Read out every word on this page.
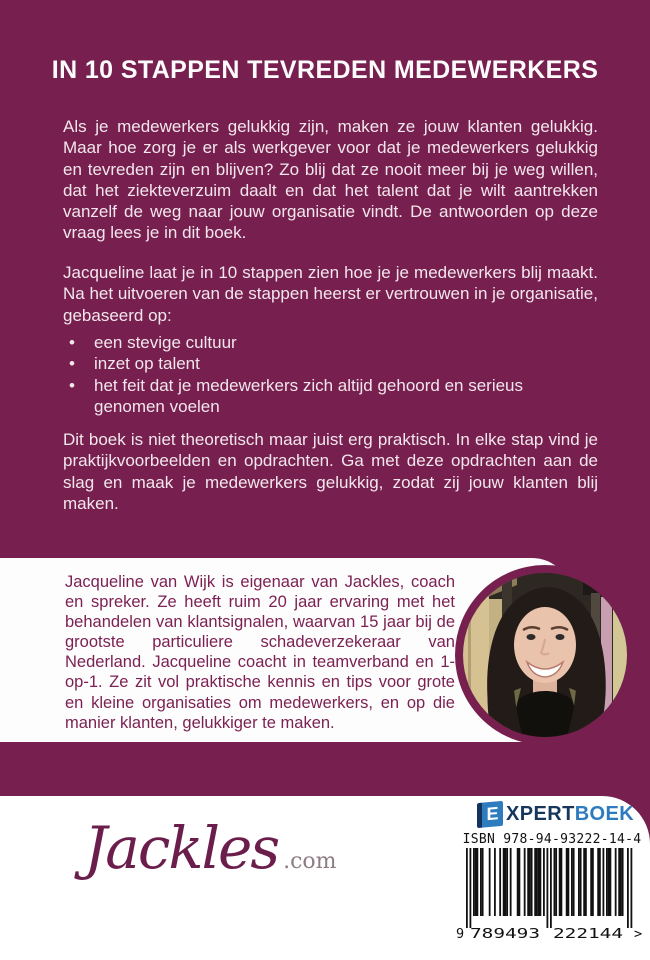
IN 10 STAPPEN TEVREDEN MEDEWERKERS
Als je medewerkers gelukkig zijn, maken ze jouw klanten gelukkig. Maar hoe zorg je er als werkgever voor dat je medewerkers gelukkig en tevreden zijn en blijven? Zo blij dat ze nooit meer bij je weg willen, dat het ziekteverzuim daalt en dat het talent dat je wilt aantrekken vanzelf de weg naar jouw organisatie vindt. De antwoorden op deze vraag lees je in dit boek.
Jacqueline laat je in 10 stappen zien hoe je je medewerkers blij maakt. Na het uitvoeren van de stappen heerst er vertrouwen in je organisatie, gebaseerd op:
•	een stevige cultuur
•	inzet op talent
•	het feit dat je medewerkers zich altijd gehoord en serieus genomen voelen
Dit boek is niet theoretisch maar juist erg praktisch. In elke stap vind je praktijkvoorbeelden en opdrachten. Ga met deze opdrachten aan de slag en maak je medewerkers gelukkig, zodat zij jouw klanten blij maken.
Jacqueline van Wijk is eigenaar van Jackles, coach en spreker. Ze heeft ruim 20 jaar ervaring met het behandelen van klantsignalen, waarvan 15 jaar bij de grootste particuliere schadeverzekeraar van Nederland. Jacqueline coacht in teamverband en 1-op-1. Ze zit vol praktische kennis en tips voor grote en kleine organisaties om medewerkers, en op die manier klanten, gelukkiger te maken.
Jackles .com
E XPERT BOEK
ISBN 978-94-93222-14-4
9 789493 222144 >
